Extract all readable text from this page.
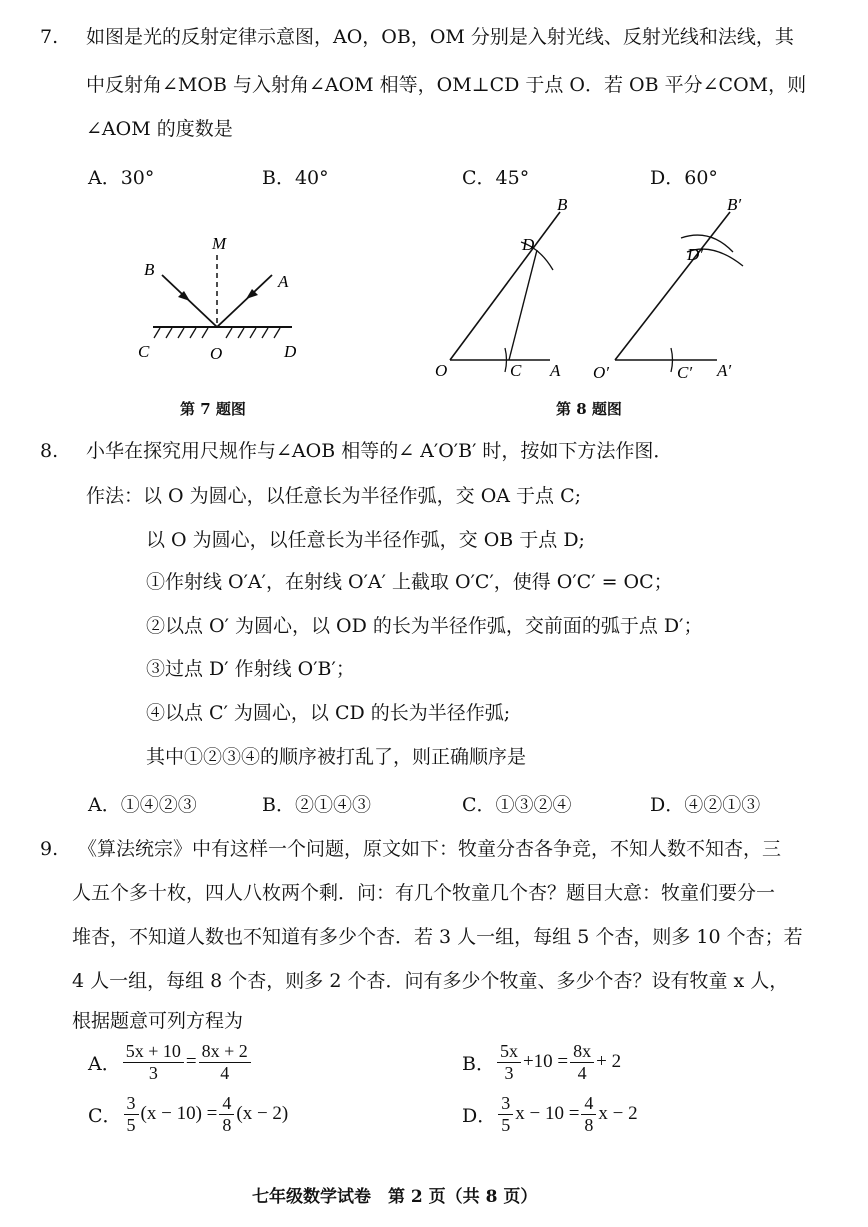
7. 如图是光的反射定律示意图，AO，OB，OM 分别是入射光线、反射光线和法线，其
中反射角∠MOB 与入射角∠AOM 相等，OM⊥CD 于点 O．若 OB 平分∠COM，则
∠AOM 的度数是
A．30°	B．40°	C．45°	D．60°
M
B
A
C	O	D
第 7 题图
B
D
O	C A
B′
D′
O′	C′ A′
第 8 题图
8. 小华在探究用尺规作与∠AOB 相等的∠ A′O′B′ 时，按如下方法作图．
作法：以 O 为圆心，以任意长为半径作弧，交 OA 于点 C;
以 O 为圆心，以任意长为半径作弧，交 OB 于点 D;
①作射线 O′A′，在射线 O′A′ 上截取 O′C′，使得 O′C′ = OC；
②以点 O′ 为圆心，以 OD 的长为半径作弧，交前面的弧于点 D′；
③过点 D′ 作射线 O′B′；
④以点 C′ 为圆心，以 CD 的长为半径作弧;
其中①②③④的顺序被打乱了，则正确顺序是
A．①④②③	B．②①④③	C．①③②④	D．④②①③
9. 《算法统宗》中有这样一个问题，原文如下：牧童分杏各争竞，不知人数不知杏，三
人五个多十枚，四人八枚两个剩．问：有几个牧童几个杏？题目大意：牧童们要分一
堆杏，不知道人数也不知道有多少个杏．若 3 人一组，每组 5 个杏，则多 10 个杏；若
4 人一组，每组 8 个杏，则多 2 个杏．问有多少个牧童、多少个杏？设有牧童 x 人，
根据题意可列方程为
A． $\frac{5x + 10}{3} = \frac{8x + 2}{4}$	B． $\frac{5x}{3} +10 = \frac{8x}{4} + 2$
C． $\frac{3}{5} (x - 10) = \frac{4}{8} (x - 2)$	D． $\frac{3}{5}$ $x - 10 = \frac{4}{8}$ x − 2
七年级数学试卷　第 2 页（共 8 页）
